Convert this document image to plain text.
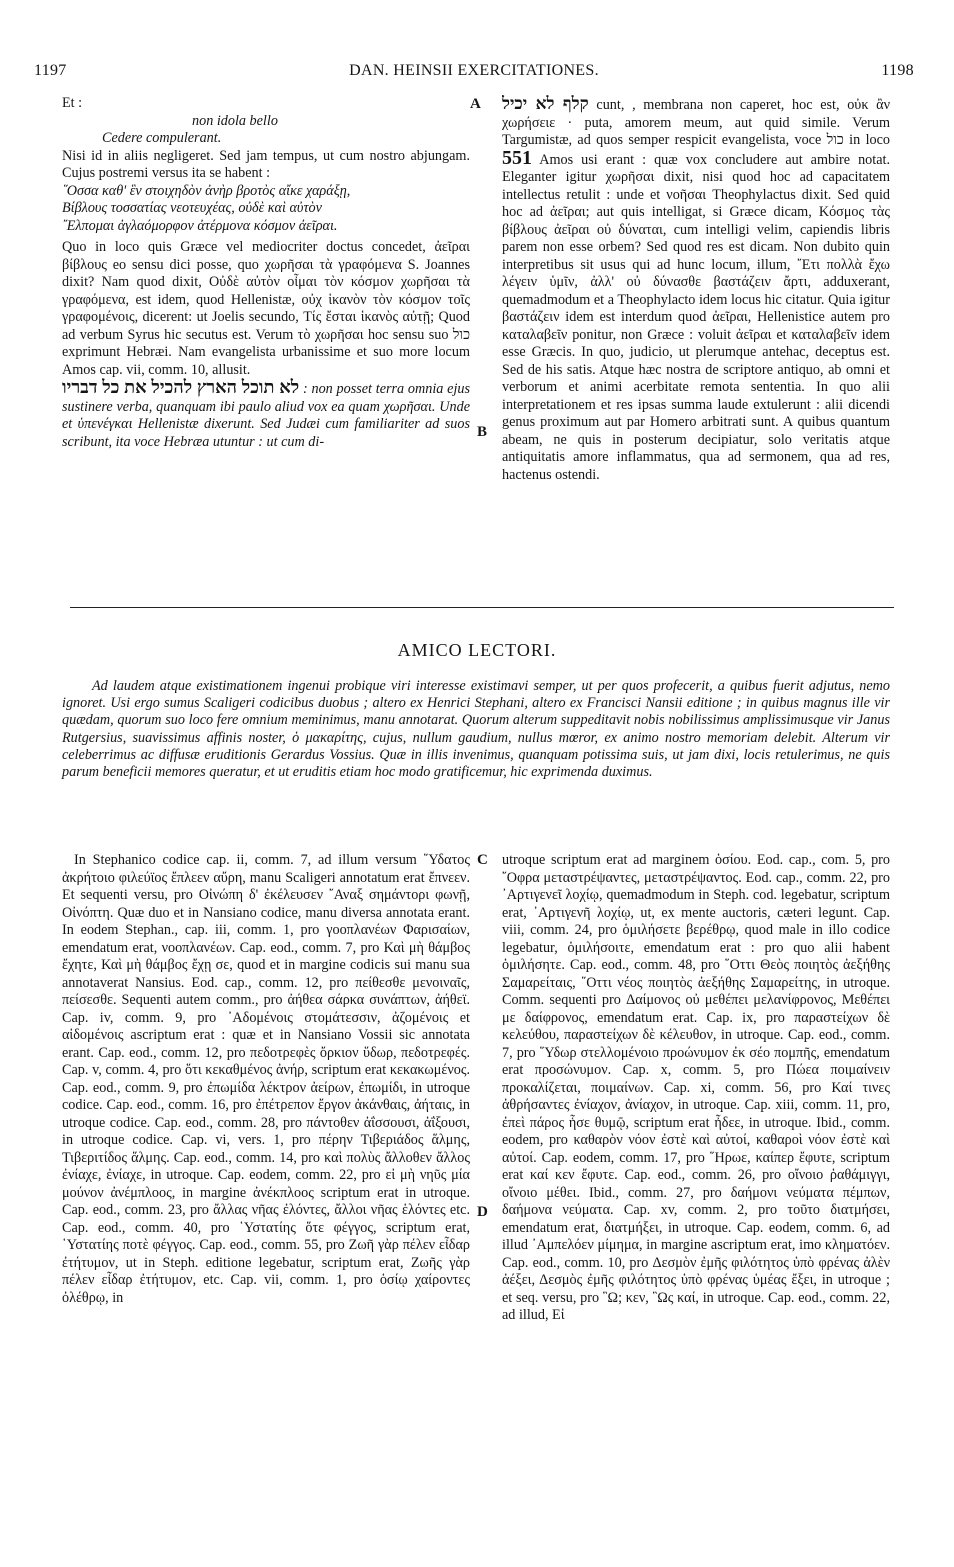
1197	DAN. HEINSII EXERCITATIONES.	1198

Et :

non idola bello

Cedere compulerant.

Nisi id in aliis negligeret. Sed jam tempus, ut cum nostro abjungam. Cujus postremi versus ita se habent :

῞Οσσα καθ' ἓν στοιχηδὸν ἀνὴρ βροτὸς αἴκε χαράξῃ,

Βίβλους τοσσατίας νεοτευχέας, οὐδὲ καὶ αὐτὸν

῎Ελπομαι ἀγλαόμορφον ἀτέρμονα κόσμον ἀεῖραι.

Quo in loco quis Græce vel mediocriter doctus concedet, ἀεῖραι βίβλους eo sensu dici posse, quo χωρῆσαι τὰ γραφόμενα S. Joannes dixit? Nam quod dixit, Οὐδὲ αὐτὸν οἶμαι τὸν κόσμον χωρῆσαι τὰ γραφόμενα, est idem, quod Hellenistæ, οὐχ ἱκανὸν τὸν κόσμον τοῖς γραφομένοις, dicerent: ut Joelis secundo, Τίς ἔσται ἱκανὸς αὐτῇ; Quod ad verbum Syrus hic secutus est. Verum τὸ χωρῆσαι hoc sensu suo כול exprimunt Hebræi. Nam evangelista urbanissime et suo more locum Amos cap. vii, comm. 10, allusit.

לא תוכל הארץ להכיל את כל דבריו : non posset terra omnia ejus sustinere verba, quanquam ibi paulo aliud vox ea quam χωρῆσαι. Unde et ὑπενέγκαι Hellenistæ dixerunt. Sed Judæi cum familiariter ad suos scribunt, ita voce Hebræa utuntur : ut cum di-
A
B

קלף לא יכיל cunt, , membrana non caperet, hoc est, οὐκ ἂν χωρήσειε · puta, amorem meum, aut quid simile. Verum Targumistæ, ad quos semper respicit evangelista, voce כול in loco 551 Amos usi erant : quæ vox concludere aut ambire notat. Eleganter igitur χωρῆσαι dixit, nisi quod hoc ad capacitatem intellectus retulit : unde et νοῆσαι Theophylactus dixit. Sed quid hoc ad ἀεῖραι; aut quis intelligat, si Græce dicam, Κόσμος τὰς βίβλους ἀεῖραι οὐ δύναται, cum intelligi velim, capiendis libris parem non esse orbem? Sed quod res est dicam. Non dubito quin interpretibus sit usus qui ad hunc locum, illum, ῎Ετι πολλὰ ἔχω λέγειν ὑμῖν, ἀλλ' οὐ δύνασθε βαστάζειν ἄρτι, adduxerant, quemadmodum et a Theophylacto idem locus hic citatur. Quia igitur βαστάζειν idem est interdum quod ἀεῖραι, Hellenistice autem pro καταλαβεῖν ponitur, non Græce : voluit ἀεῖραι et καταλαβεῖν idem esse Græcis. In quo, judicio, ut plerumque antehac, deceptus est. Sed de his satis. Atque hæc nostra de scriptore antiquo, ab omni et verborum et animi acerbitate remota sententia. In quo alii interpretationem et res ipsas summa laude extulerunt : alii dicendi genus proximum aut par Homero arbitrati sunt. A quibus quantum abeam, ne quis in posterum decipiatur, solo veritatis atque antiquitatis amore inflammatus, qua ad sermonem, qua ad res, hactenus ostendi.

AMICO LECTORI.

Ad laudem atque existimationem ingenui probique viri interesse existimavi semper, ut per quos profecerit, a quibus fuerit adjutus, nemo ignoret. Usi ergo sumus Scaligeri codicibus duobus ; altero ex Henrici Stephani, altero ex Francisci Nansii editione ; in quibus magnus ille vir quædam, quorum suo loco fere omnium meminimus, manu annotarat. Quorum alterum suppeditavit nobis nobilissimus amplissimusque vir Janus Rutgersius, suavissimus affinis noster, ὁ μακαρίτης, cujus, nullum gaudium, nullus mœror, ex animo nostro memoriam delebit. Alterum vir celeberrimus ac diffusæ eruditionis Gerardus Vossius. Quæ in illis invenimus, quanquam potissima suis, ut jam dixi, locis retulerimus, ne quis parum beneficii memores queratur, et ut eruditis etiam hoc modo gratificemur, hic exprimenda duximus.

In Stephanico codice cap. ii, comm. 7, ad illum versum ῞Υδατος ἀκρήτοιο φιλεύϊος ἔπλεεν αὔρη, manu Scaligeri annotatum erat ἔπνεεν. Et sequenti versu, pro Οἰνώπη δ' ἐκέλευσεν ῎Αναξ σημάντορι φωνῇ, Οἰνόπτη. Quæ duo et in Nansiano codice, manu diversa annotata erant. In eodem Stephan., cap. iii, comm. 1, pro γοοπλανέων Φαρισαίων, emendatum erat, νοοπλανέων. Cap. eod., comm. 7, pro Καὶ μὴ θάμβος ἔχητε, Καὶ μὴ θάμβος ἔχῃ σε, quod et in margine codicis sui manu sua annotaverat Nansius. Eod. cap., comm. 12, pro πείθεσθε μενοιναῖς, πείσεσθε. Sequenti autem comm., pro ἀήθεα σάρκα συνάπτων, ἀήθεϊ. Cap. iv, comm. 9, pro ᾿Αδομένοις στομάτεσσιν, ἀζομένοις et αἰδομένοις ascriptum erat : quæ et in Nansiano Vossii sic annotata erant. Cap. eod., comm. 12, pro πεδοτρεφὲς ὄρκιον ὕδωρ, πεδοτρεφές. Cap. v, comm. 4, pro ὅτι κεκαθμένος ἀνήρ, scriptum erat κεκακωμένος. Cap. eod., comm. 9, pro ἐπωμίδα λέκτρον ἀείρων, ἐπωμίδι, in utroque codice. Cap. eod., comm. 16, pro ἐπέτρεπον ἔργον ἀκάνθαις, ἀήταις, in utroque codice. Cap. eod., comm. 28, pro πάντοθεν ἀΐσσουσι, ἀΐξουσι, in utroque codice. Cap. vi, vers. 1, pro πέρην Τιβεριάδος ἅλμης, Τιβεριτίδος ἅλμης. Cap. eod., comm. 14, pro καὶ πολὺς ἄλλοθεν ἄλλος ἐνίαχε, ἐνίαχε, in utroque. Cap. eodem, comm. 22, pro εἰ μὴ νηῦς μία μούνον ἀνέμπλοος, in margine ἀνέκπλοος scriptum erat in utroque. Cap. eod., comm. 23, pro ἄλλας νῆας ἐλόντες, ἄλλοι νῆας ἑλόντες etc. Cap. eod., comm. 40, pro ῾Υστατίης ὅτε φέγγος, scriptum erat, ῾Υστατίης ποτὲ φέγγος. Cap. eod., comm. 55, pro Ζωῆ γὰρ πέλεν εἶδαρ ἐτήτυμον, ut in Steph. editione legebatur, scriptum erat, Ζωῆς γὰρ πέλεν εἶδαρ ἐτήτυμον, etc. Cap. vii, comm. 1, pro ὁσίῳ χαίροντες ὀλέθρῳ, in

C
D

utroque scriptum erat ad marginem ὁσίου. Eod. cap., com. 5, pro ῎Οφρα μεταστρέψαντες, μεταστρέψαντος. Eod. cap., comm. 22, pro ᾿Αρτιγενεῖ λοχίῳ, quemadmodum in Steph. cod. legebatur, scriptum erat, ᾿Αρτιγενῆ λοχίῳ, ut, ex mente auctoris, cæteri legunt. Cap. viii, comm. 24, pro ὁμιλήσετε βερέθρῳ, quod male in illo codice legebatur, ὁμιλήσοιτε, emendatum erat : pro quo alii habent ὁμιλήσητε. Cap. eod., comm. 48, pro ῞Οττι Θεὸς ποιητὸς ἀεξήθης Σαμαρείταις, ῞Οττι νέος ποιητὸς ἀεξήθης Σαμαρείτης, in utroque. Comm. sequenti pro Δαίμονος οὐ μεθέπει μελανίφρονος, Μεθέπει με δαίφρονος, emendatum erat. Cap. ix, pro παραστείχων δὲ κελεύθου, παραστείχων δὲ κέλευθον, in utroque. Cap. eod., comm. 7, pro ῞Υδωρ στελλομένοιο προώνυμον ἐκ σέο πομπῆς, emendatum erat προσώνυμον. Cap. x, comm. 5, pro Πώεα ποιμαίνειν προκαλίζεται, ποιμαίνων. Cap. xi, comm. 56, pro Καί τινες ἀθρήσαντες ἐνίαχον, ἀνίαχον, in utroque. Cap. xiii, comm. 11, pro, ἐπεὶ πάρος ἧσε θυμῷ, scriptum erat ἦδεε, in utroque. Ibid., comm. eodem, pro καθαρὸν νόον ἐστὲ καὶ αὐτοί, καθαροὶ νόον ἐστὲ καὶ αὐτοί. Cap. eodem, comm. 17, pro ῞Ηρωε, καίπερ ἔφυτε, scriptum erat καί κεν ἔφυτε. Cap. eod., comm. 26, pro οἴνοιο ῥαθάμιγγι, οἴνοιο μέθει. Ibid., comm. 27, pro δαήμονι νεύματα πέμπων, δαήμονα νεύματα. Cap. xv, comm. 2, pro τοῦτο διατμήσει, emendatum erat, διατμήξει, in utroque. Cap. eodem, comm. 6, ad illud ᾿Αμπελόεν μίμημα, in margine ascriptum erat, imo κληματόεν. Cap. eod., comm. 10, pro Δεσμὸν ἐμῆς φιλότητος ὑπὸ φρένας ἀλὲν ἀέξει, Δεσμὸς ἐμῆς φιλότητος ὑπὸ φρένας ὑμέας ἔξει, in utroque ; et seq. versu, pro ῝Ω; κεν, ῝Ως καί, in utroque. Cap. eod., comm. 22, ad illud, Εἰ
